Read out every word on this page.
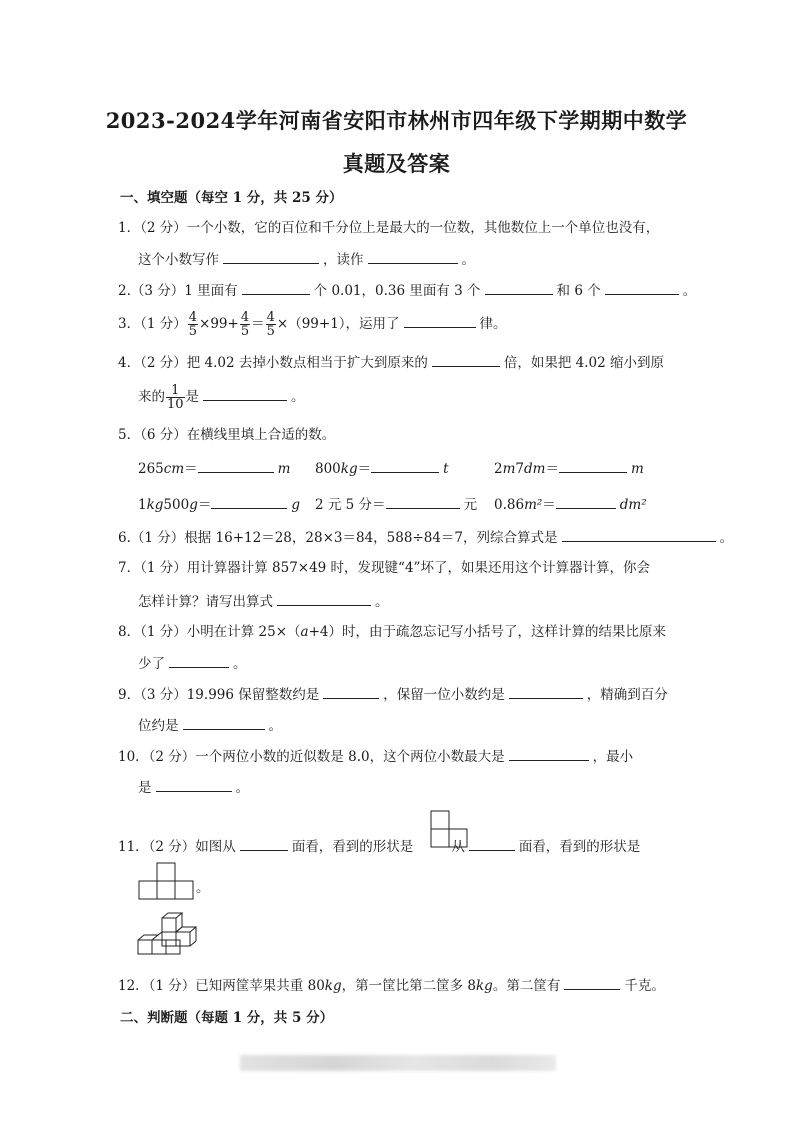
2023-2024学年河南省安阳市林州市四年级下学期期中数学
真题及答案
一、填空题（每空 1 分，共 25 分）
1．（2 分）一个小数，它的百位和千分位上是最大的一位数，其他数位上一个单位也没有，
这个小数写作	，读作	。
2.（3 分）1 里面有	个 0.01，0.36 里面有 3 个	和 6 个	。
3．（1 分） $\frac{4}{5} \times 99+ \frac{4}{5} = \frac{4}{5} \times(99+1)$，运用了	律。
4．（2 分）把 4.02 去掉小数点相当于扩大到原来的	倍，如果把 4.02 缩小到原
来的 $\frac{1}{10}$ 是	。
5．（6 分）在横线里填上合适的数。
265cm＝	m 800kg＝	t	2m7dm＝	m
1kg500g＝	g 2 元 5 分＝	元 0.86m²＝	dm²
6.（1 分）根据 16+12＝28，28×3＝84，588÷84＝7，列综合算式是	。
7．（1 分）用计算器计算 857×49 时，发现键“4”坏了，如果还用这个计算器计算，你会
怎样计算？请写出算式	。
8．（1 分）小明在计算 25×（a+4）时，由于疏忽忘记写小括号了，这样计算的结果比原来
少了	。
9．（3 分）19.996 保留整数约是	，保留一位小数约是	，精确到百分
位约是	。
10．（2 分）一个两位小数的近似数是 8.0，这个两位小数最大是	，最小
是	。
11．（2 分）如图从	面看，看到的形状是	从	面看，看到的形状是
。
12．（1 分）已知两筐苹果共重 80kg，第一筐比第二筐多 8kg。第二筐有	千克。
二、判断题（每题 1 分，共 5 分）
